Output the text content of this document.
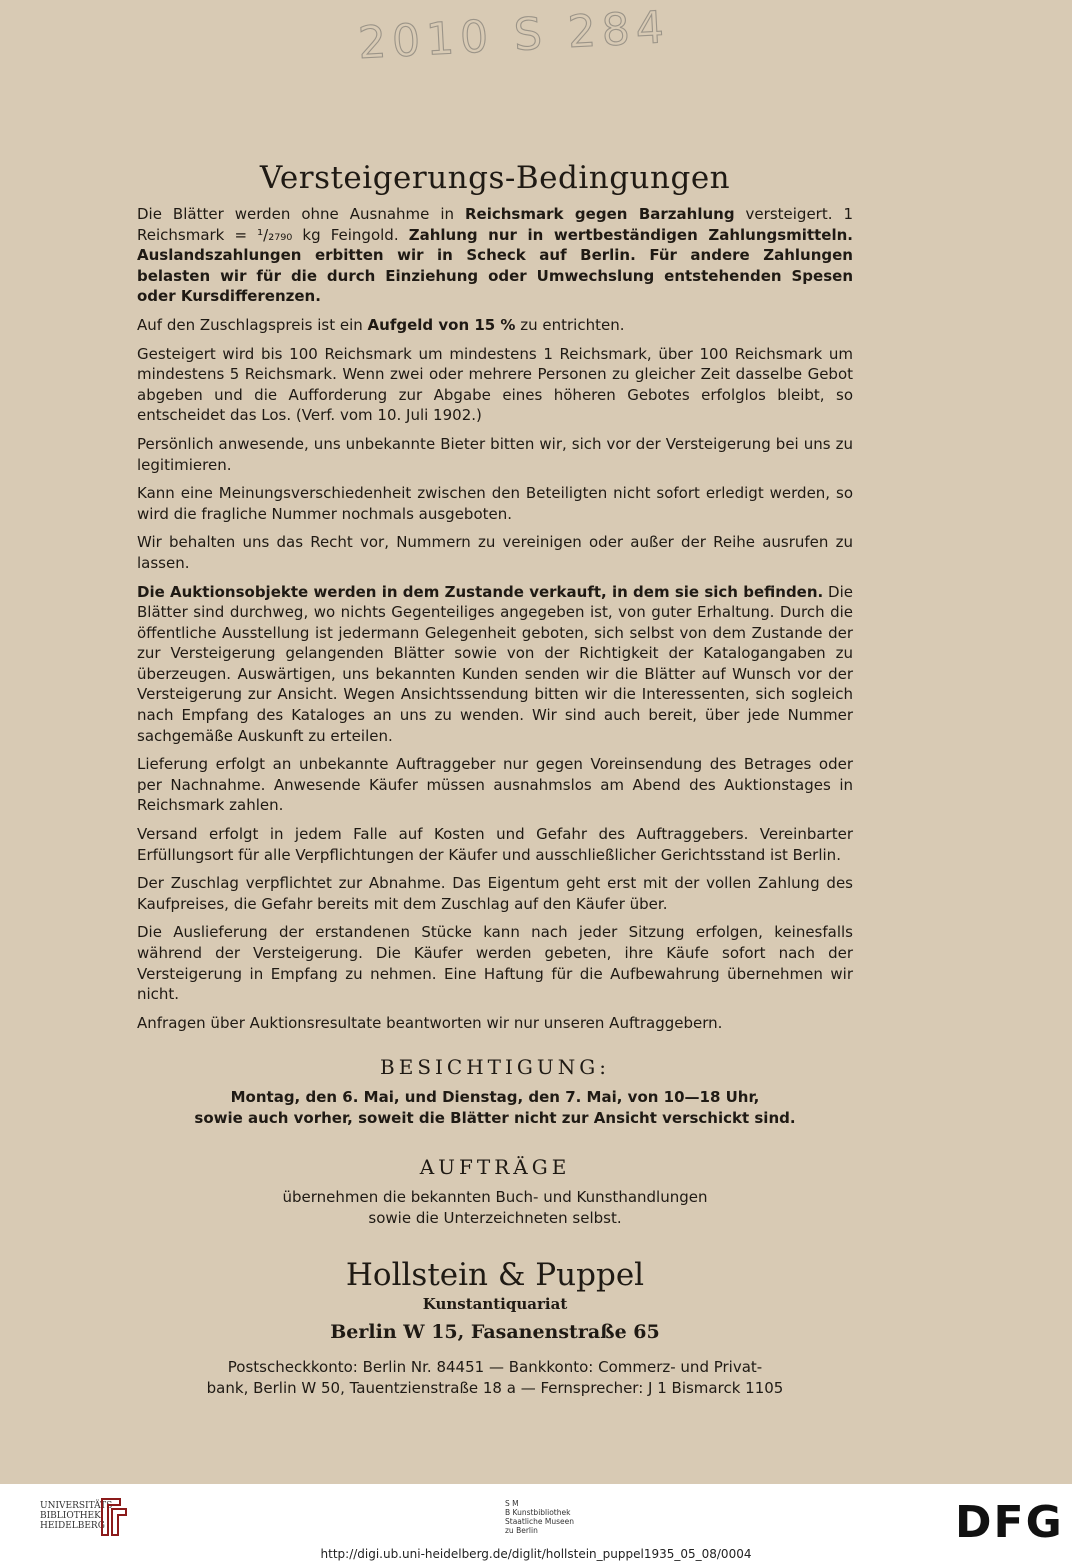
2010 S 284
Versteigerungs-Bedingungen

Die Blätter werden ohne Ausnahme in Reichsmark gegen Barzahlung versteigert. 1 Reichsmark = ¹/₂₇₉₀ kg Feingold. Zahlung nur in wertbeständigen Zahlungsmitteln. Auslandszahlungen erbitten wir in Scheck auf Berlin. Für andere Zahlungen belasten wir für die durch Einziehung oder Umwechslung entstehenden Spesen oder Kursdifferenzen.

Auf den Zuschlagspreis ist ein Aufgeld von 15 % zu entrichten.

Gesteigert wird bis 100 Reichsmark um mindestens 1 Reichsmark, über 100 Reichsmark um mindestens 5 Reichsmark. Wenn zwei oder mehrere Personen zu gleicher Zeit dasselbe Gebot abgeben und die Aufforderung zur Abgabe eines höheren Gebotes erfolglos bleibt, so entscheidet das Los. (Verf. vom 10. Juli 1902.)

Persönlich anwesende, uns unbekannte Bieter bitten wir, sich vor der Versteigerung bei uns zu legitimieren.

Kann eine Meinungsverschiedenheit zwischen den Beteiligten nicht sofort erledigt werden, so wird die fragliche Nummer nochmals ausgeboten.

Wir behalten uns das Recht vor, Nummern zu vereinigen oder außer der Reihe ausrufen zu lassen.

Die Auktionsobjekte werden in dem Zustande verkauft, in dem sie sich befinden. Die Blätter sind durchweg, wo nichts Gegenteiliges angegeben ist, von guter Erhaltung. Durch die öffentliche Ausstellung ist jedermann Gelegenheit geboten, sich selbst von dem Zustande der zur Versteigerung gelangenden Blätter sowie von der Richtigkeit der Katalogangaben zu überzeugen. Auswärtigen, uns bekannten Kunden senden wir die Blätter auf Wunsch vor der Versteigerung zur Ansicht. Wegen Ansichtssendung bitten wir die Interessenten, sich sogleich nach Empfang des Kataloges an uns zu wenden. Wir sind auch bereit, über jede Nummer sachgemäße Auskunft zu erteilen.

Lieferung erfolgt an unbekannte Auftraggeber nur gegen Voreinsendung des Betrages oder per Nachnahme. Anwesende Käufer müssen ausnahmslos am Abend des Auktionstages in Reichsmark zahlen.

Versand erfolgt in jedem Falle auf Kosten und Gefahr des Auftraggebers. Vereinbarter Erfüllungsort für alle Verpflichtungen der Käufer und ausschließlicher Gerichtsstand ist Berlin.

Der Zuschlag verpflichtet zur Abnahme. Das Eigentum geht erst mit der vollen Zahlung des Kaufpreises, die Gefahr bereits mit dem Zuschlag auf den Käufer über.

Die Auslieferung der erstandenen Stücke kann nach jeder Sitzung erfolgen, keinesfalls während der Versteigerung. Die Käufer werden gebeten, ihre Käufe sofort nach der Versteigerung in Empfang zu nehmen. Eine Haftung für die Aufbewahrung übernehmen wir nicht.

Anfragen über Auktionsresultate beantworten wir nur unseren Auftraggebern.

BESICHTIGUNG:

Montag, den 6. Mai, und Dienstag, den 7. Mai, von 10—18 Uhr,

sowie auch vorher, soweit die Blätter nicht zur Ansicht verschickt sind.

AUFTRÄGE

übernehmen die bekannten Buch- und Kunsthandlungen

sowie die Unterzeichneten selbst.

Hollstein & Puppel
Kunstantiquariat
Berlin W 15, Fasanenstraße 65

Postscheckkonto: Berlin Nr. 84451 — Bankkonto: Commerz- und Privat-

bank, Berlin W 50, Tauentzienstraße 18 a — Fernsprecher: J 1 Bismarck 1105

UNIVERSITÄTS-
BIBLIOTHEK
HEIDELBERG
S M
B Kunstbibliothek
Staatliche Museen
zu Berlin	DFG
http://digi.ub.uni-heidelberg.de/diglit/hollstein_puppel1935_05_08/0004
